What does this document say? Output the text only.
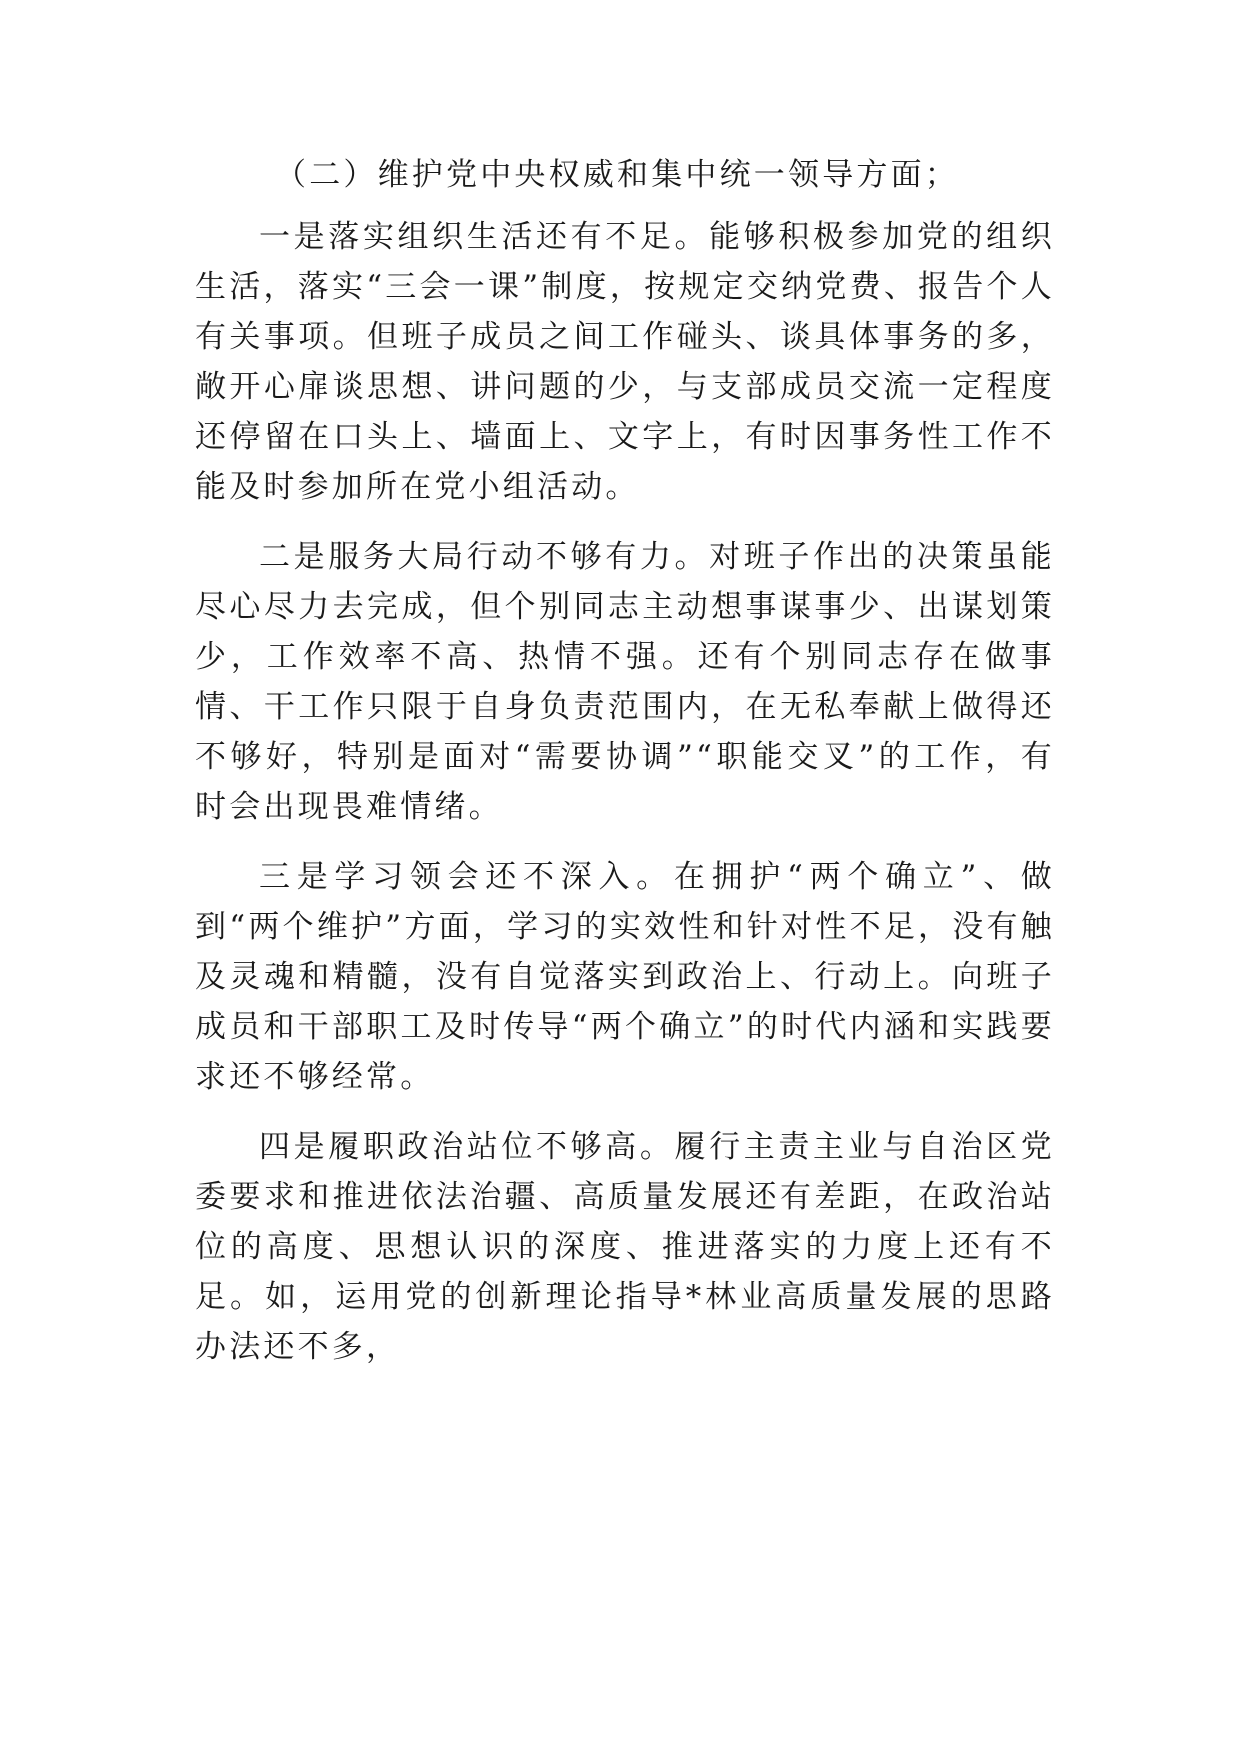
（二）维护党中央权威和集中统一领导方面；

一是落实组织生活还有不足。能够积极参加党的组织生活，落实“三会一课”制度，按规定交纳党费、报告个人有关事项。但班子成员之间工作碰头、谈具体事务的多，敞开心扉谈思想、讲问题的少，与支部成员交流一定程度还停留在口头上、墙面上、文字上，有时因事务性工作不能及时参加所在党小组活动。

二是服务大局行动不够有力。对班子作出的决策虽能尽心尽力去完成，但个别同志主动想事谋事少、出谋划策少，工作效率不高、热情不强。还有个别同志存在做事情、干工作只限于自身负责范围内，在无私奉献上做得还不够好，特别是面对“需要协调”“职能交叉”的工作，有时会出现畏难情绪。

三是学习领会还不深入。在拥护“两个确立”、做到“两个维护”方面，学习的实效性和针对性不足，没有触及灵魂和精髓，没有自觉落实到政治上、行动上。向班子成员和干部职工及时传导“两个确立”的时代内涵和实践要求还不够经常。

四是履职政治站位不够高。履行主责主业与自治区党委要求和推进依法治疆、高质量发展还有差距，在政治站位的高度、思想认识的深度、推进落实的力度上还有不足。如，运用党的创新理论指导*林业高质量发展的思路办法还不多，
